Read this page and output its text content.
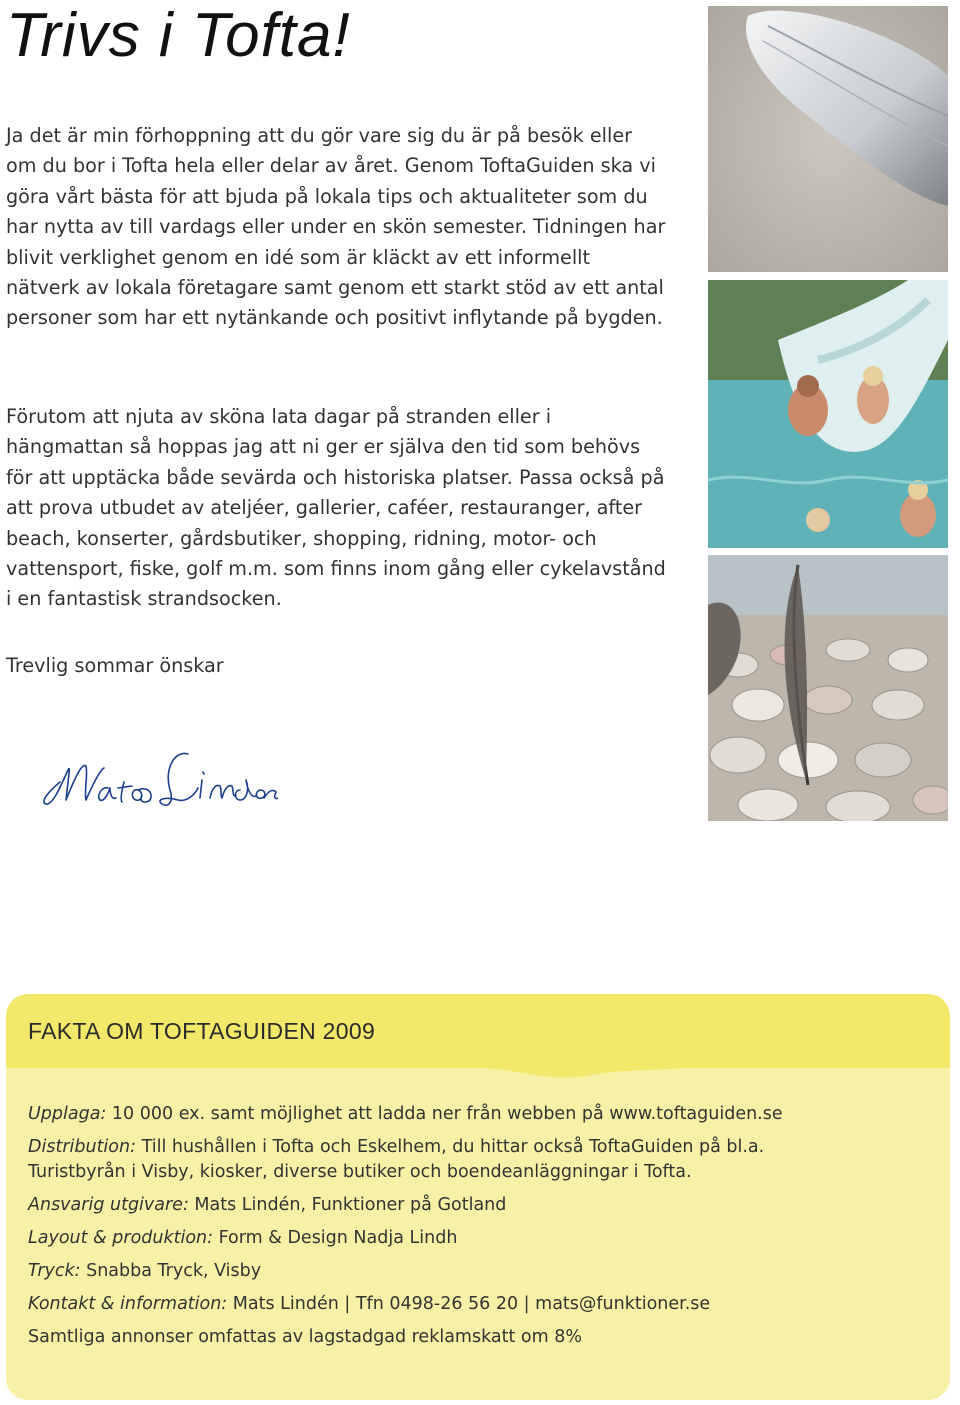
Trivs i Tofta!

Ja det är min förhoppning att du gör vare sig du är på besök eller om du bor i Tofta hela eller delar av året. Genom ToftaGuiden ska vi göra vårt bästa för att bjuda på lokala tips och aktualiteter som du har nytta av till vardags eller under en skön semester. Tidningen har blivit verklighet genom en idé som är kläckt av ett informellt nätverk av lokala företagare samt genom ett starkt stöd av ett antal personer som har ett nytänkande och positivt inflytande på bygden.

Förutom att njuta av sköna lata dagar på stranden eller i hängmattan så hoppas jag att ni ger er själva den tid som behövs för att upptäcka både sevärda och historiska platser. Passa också på att prova utbudet av ateljéer, gallerier, caféer, restauranger, after beach, konserter, gårdsbutiker, shopping, ridning, motor- och vattensport, fiske, golf m.m. som finns inom gång eller cykelavstånd i en fantastisk strandsocken.

Trevlig sommar önskar

FAKTA OM TOFTAGUIDEN 2009

Upplaga: 10 000 ex. samt möjlighet att ladda ner från webben på www.toftaguiden.se

Distribution: Till hushållen i Tofta och Eskelhem, du hittar också ToftaGuiden på bl.a.

Turistbyrån i Visby, kiosker, diverse butiker och boendeanläggningar i Tofta.

Ansvarig utgivare: Mats Lindén, Funktioner på Gotland

Layout & produktion: Form & Design Nadja Lindh

Tryck: Snabba Tryck, Visby

Kontakt & information: Mats Lindén | Tfn 0498-26 56 20 | mats@funktioner.se

Samtliga annonser omfattas av lagstadgad reklamskatt om 8%
